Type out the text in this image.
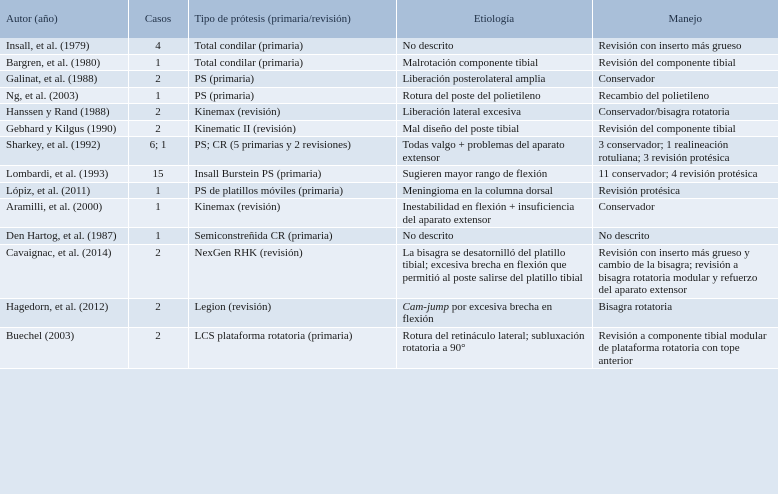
Autor (año)	Casos	Tipo de prótesis (primaria/revisión)	Etiología	Manejo
Insall, et al. (1979)	4	Total condilar (primaria)	No descrito	Revisión con inserto más grueso
Bargren, et al. (1980)	1	Total condilar (primaria)	Malrotación componente tibial	Revisión del componente tibial
Galinat, et al. (1988)	2	PS (primaria)	Liberación posterolateral amplia	Conservador
Ng, et al. (2003)	1	PS (primaria)	Rotura del poste del polietileno	Recambio del polietileno
Hanssen y Rand (1988)	2	Kinemax (revisión)	Liberación lateral excesiva	Conservador/bisagra rotatoria
Gebhard y Kilgus (1990)	2	Kinematic II (revisión)	Mal diseño del poste tibial	Revisión del componente tibial
Sharkey, et al. (1992)	6; 1	PS; CR (5 primarias y 2 revisiones)	Todas valgo + problemas del aparato extensor	3 conservador; 1 realineación rotuliana; 3 revisión protésica
Lombardi, et al. (1993)	15	Insall Burstein PS (primaria)	Sugieren mayor rango de flexión	11 conservador; 4 revisión protésica
Lópiz, et al. (2011)	1	PS de platillos móviles (primaria)	Meningioma en la columna dorsal	Revisión protésica
Aramilli, et al. (2000)	1	Kinemax (revisión)	Inestabilidad en flexión + insuficiencia del aparato extensor	Conservador
Den Hartog, et al. (1987)	1	Semiconstreñida CR (primaria)	No descrito	No descrito
Cavaignac, et al. (2014)	2	NexGen RHK (revisión)	La bisagra se desatornilló del platillo tibial; excesiva brecha en flexión que permitió al poste salirse del platillo tibial	Revisión con inserto más grueso y cambio de la bisagra; revisión a bisagra rotatoria modular y refuerzo del aparato extensor
Hagedorn, et al. (2012)	2	Legion (revisión)	Cam-jump por excesiva brecha en flexión	Bisagra rotatoria
Buechel (2003)	2	LCS plataforma rotatoria (primaria)	Rotura del retináculo lateral; subluxación rotatoria a 90°	Revisión a componente tibial modular de plataforma rotatoria con tope anterior
